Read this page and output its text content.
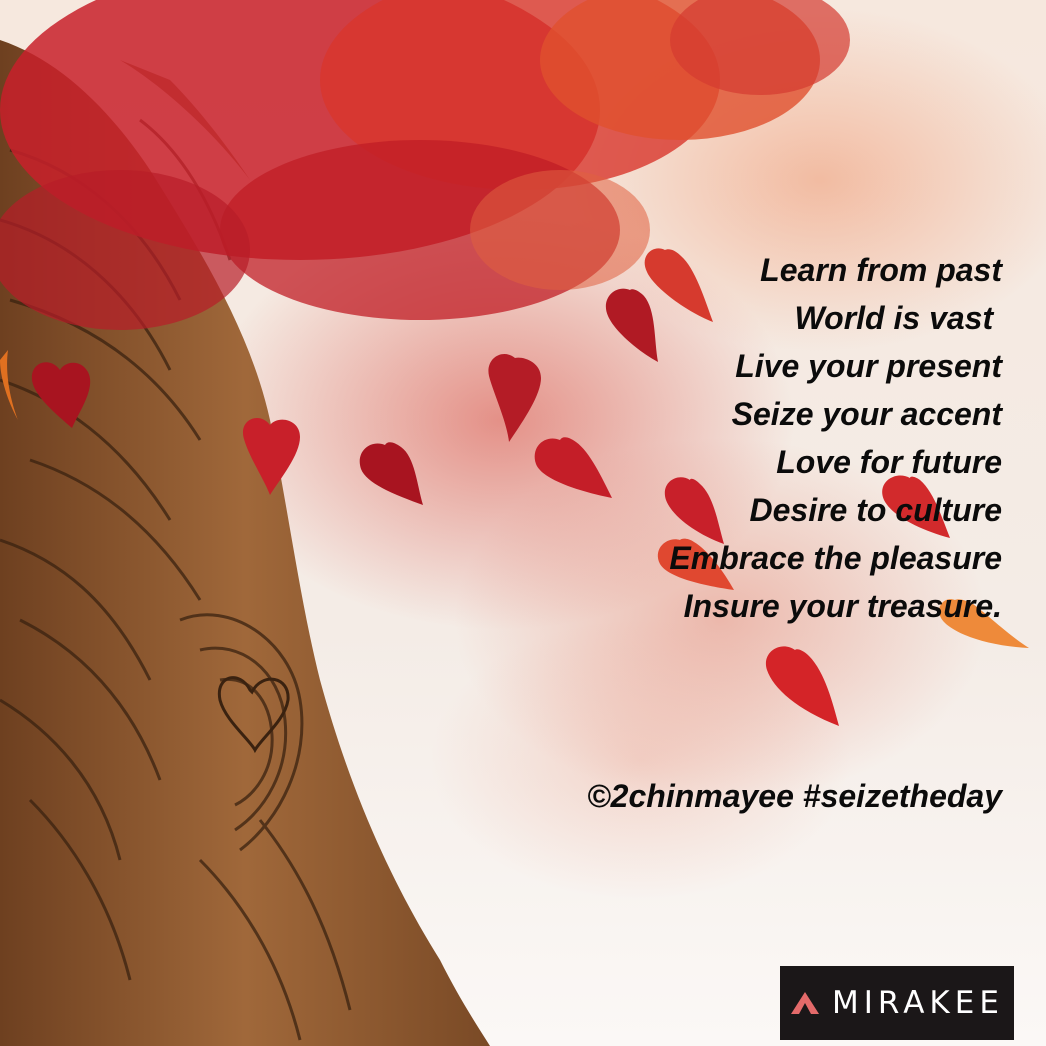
Learn from past
World is vast
Live your present
Seize your accent
Love for future
Desire to culture
Embrace the pleasure
Insure your treasure.
©2chinmayee #seizetheday
MIRAKEE
